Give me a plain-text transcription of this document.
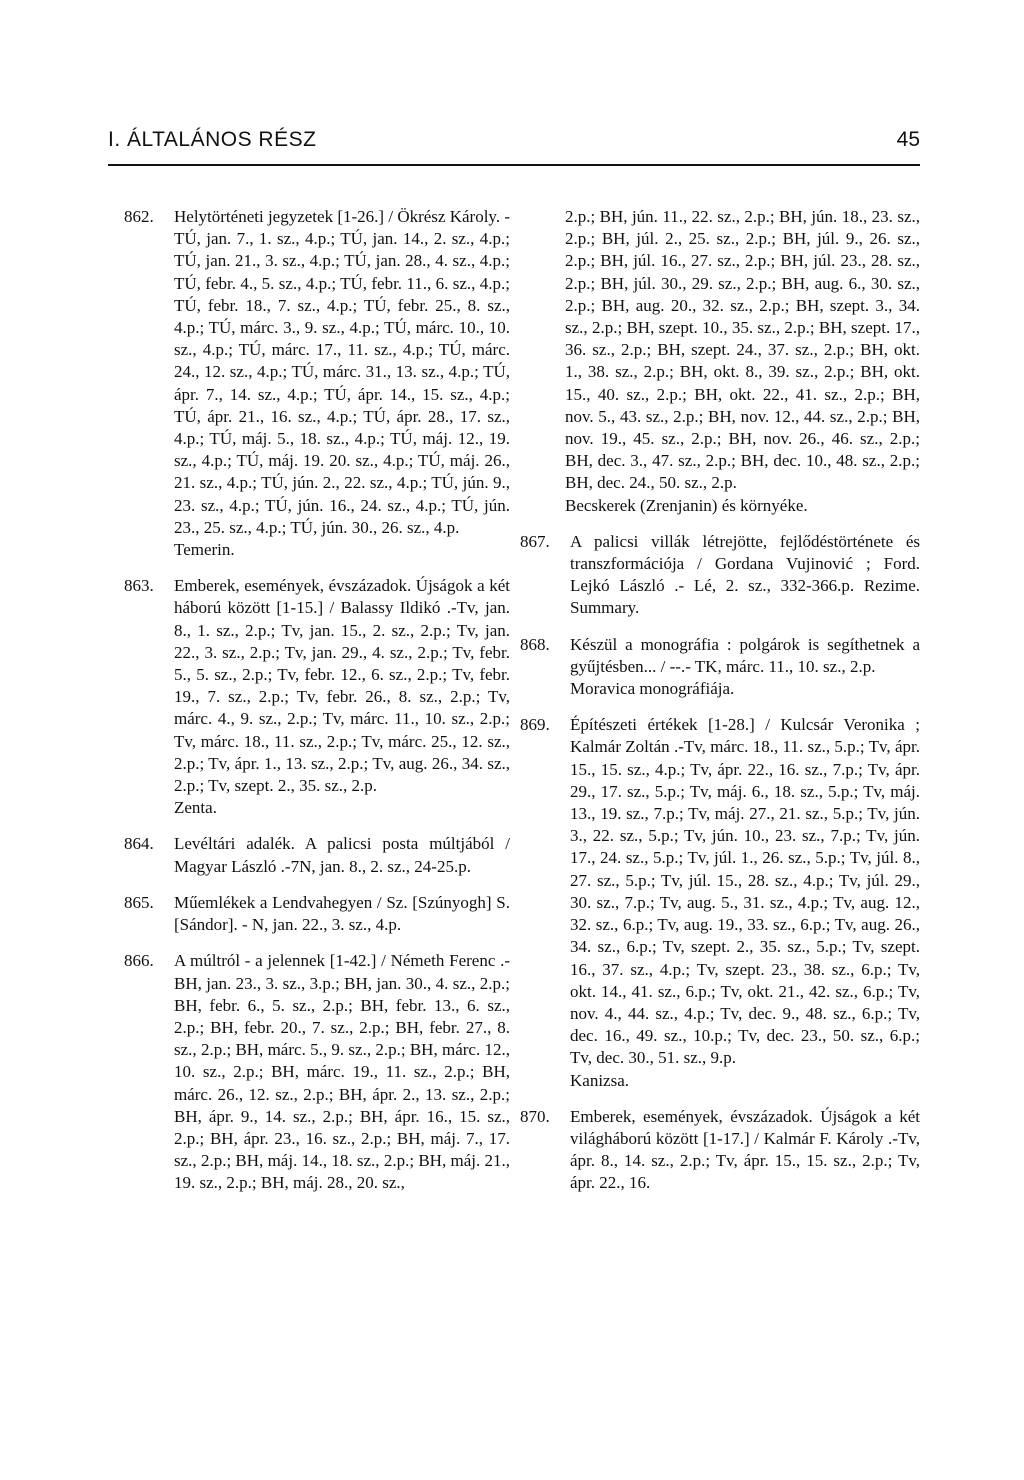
I. ÁLTALÁNOS RÉSZ	45
862. Helytörténeti jegyzetek [1-26.] / Ökrész Károly. - TÚ, jan. 7., 1. sz., 4.p.; TÚ, jan. 14., 2. sz., 4.p.; TÚ, jan. 21., 3. sz., 4.p.; TÚ, jan. 28., 4. sz., 4.p.; TÚ, febr. 4., 5. sz., 4.p.; TÚ, febr. 11., 6. sz., 4.p.; TÚ, febr. 18., 7. sz., 4.p.; TÚ, febr. 25., 8. sz., 4.p.; TÚ, márc. 3., 9. sz., 4.p.; TÚ, márc. 10., 10. sz., 4.p.; TÚ, márc. 17., 11. sz., 4.p.; TÚ, márc. 24., 12. sz., 4.p.; TÚ, márc. 31., 13. sz., 4.p.; TÚ, ápr. 7., 14. sz., 4.p.; TÚ, ápr. 14., 15. sz., 4.p.; TÚ, ápr. 21., 16. sz., 4.p.; TÚ, ápr. 28., 17. sz., 4.p.; TÚ, máj. 5., 18. sz., 4.p.; TÚ, máj. 12., 19. sz., 4.p.; TÚ, máj. 19. 20. sz., 4.p.; TÚ, máj. 26., 21. sz., 4.p.; TÚ, jún. 2., 22. sz., 4.p.; TÚ, jún. 9., 23. sz., 4.p.; TÚ, jún. 16., 24. sz., 4.p.; TÚ, jún. 23., 25. sz., 4.p.; TÚ, jún. 30., 26. sz., 4.p.
Temerin.
863. Emberek, események, évszázadok. Újságok a két háború között [1-15.] / Balassy Ildikó .-Tv, jan. 8., 1. sz., 2.p.; Tv, jan. 15., 2. sz., 2.p.; Tv, jan. 22., 3. sz., 2.p.; Tv, jan. 29., 4. sz., 2.p.; Tv, febr. 5., 5. sz., 2.p.; Tv, febr. 12., 6. sz., 2.p.; Tv, febr. 19., 7. sz., 2.p.; Tv, febr. 26., 8. sz., 2.p.; Tv, márc. 4., 9. sz., 2.p.; Tv, márc. 11., 10. sz., 2.p.; Tv, márc. 18., 11. sz., 2.p.; Tv, márc. 25., 12. sz., 2.p.; Tv, ápr. 1., 13. sz., 2.p.; Tv, aug. 26., 34. sz., 2.p.; Tv, szept. 2., 35. sz., 2.p.
Zenta.
864. Levéltári adalék. A palicsi posta múltjából / Magyar László .-7N, jan. 8., 2. sz., 24-25.p.
865. Műemlékek a Lendvahegyen / Sz. [Szúnyogh] S. [Sándor]. - N, jan. 22., 3. sz., 4.p.
866. A múltról - a jelennek [1-42.] / Németh Ferenc .-BH, jan. 23., 3. sz., 3.p.; BH, jan. 30., 4. sz., 2.p.; BH, febr. 6., 5. sz., 2.p.; BH, febr. 13., 6. sz., 2.p.; BH, febr. 20., 7. sz., 2.p.; BH, febr. 27., 8. sz., 2.p.; BH, márc. 5., 9. sz., 2.p.; BH, márc. 12., 10. sz., 2.p.; BH, márc. 19., 11. sz., 2.p.; BH, márc. 26., 12. sz., 2.p.; BH, ápr. 2., 13. sz., 2.p.; BH, ápr. 9., 14. sz., 2.p.; BH, ápr. 16., 15. sz., 2.p.; BH, ápr. 23., 16. sz., 2.p.; BH, máj. 7., 17. sz., 2.p.; BH, máj. 14., 18. sz., 2.p.; BH, máj. 21., 19. sz., 2.p.; BH, máj. 28., 20. sz.,
2.p.; BH, jún. 11., 22. sz., 2.p.; BH, jún. 18., 23. sz., 2.p.; BH, júl. 2., 25. sz., 2.p.; BH, júl. 9., 26. sz., 2.p.; BH, júl. 16., 27. sz., 2.p.; BH, júl. 23., 28. sz., 2.p.; BH, júl. 30., 29. sz., 2.p.; BH, aug. 6., 30. sz., 2.p.; BH, aug. 20., 32. sz., 2.p.; BH, szept. 3., 34. sz., 2.p.; BH, szept. 10., 35. sz., 2.p.; BH, szept. 17., 36. sz., 2.p.; BH, szept. 24., 37. sz., 2.p.; BH, okt. 1., 38. sz., 2.p.; BH, okt. 8., 39. sz., 2.p.; BH, okt. 15., 40. sz., 2.p.; BH, okt. 22., 41. sz., 2.p.; BH, nov. 5., 43. sz., 2.p.; BH, nov. 12., 44. sz., 2.p.; BH, nov. 19., 45. sz., 2.p.; BH, nov. 26., 46. sz., 2.p.; BH, dec. 3., 47. sz., 2.p.; BH, dec. 10., 48. sz., 2.p.; BH, dec. 24., 50. sz., 2.p.
Becskerek (Zrenjanin) és környéke.
867. A palicsi villák létrejötte, fejlődéstörténete és transzformációja / Gordana Vujinović ; Ford. Lejkó László .- Lé, 2. sz., 332-366.p. Rezime. Summary.
868. Készül a monográfia : polgárok is segíthetnek a gyűjtésben... / --.- TK, márc. 11., 10. sz., 2.p.
Moravica monográfiája.
869. Építészeti értékek [1-28.] / Kulcsár Veronika ; Kalmár Zoltán .-Tv, márc. 18., 11. sz., 5.p.; Tv, ápr. 15., 15. sz., 4.p.; Tv, ápr. 22., 16. sz., 7.p.; Tv, ápr. 29., 17. sz., 5.p.; Tv, máj. 6., 18. sz., 5.p.; Tv, máj. 13., 19. sz., 7.p.; Tv, máj. 27., 21. sz., 5.p.; Tv, jún. 3., 22. sz., 5.p.; Tv, jún. 10., 23. sz., 7.p.; Tv, jún. 17., 24. sz., 5.p.; Tv, júl. 1., 26. sz., 5.p.; Tv, júl. 8., 27. sz., 5.p.; Tv, júl. 15., 28. sz., 4.p.; Tv, júl. 29., 30. sz., 7.p.; Tv, aug. 5., 31. sz., 4.p.; Tv, aug. 12., 32. sz., 6.p.; Tv, aug. 19., 33. sz., 6.p.; Tv, aug. 26., 34. sz., 6.p.; Tv, szept. 2., 35. sz., 5.p.; Tv, szept. 16., 37. sz., 4.p.; Tv, szept. 23., 38. sz., 6.p.; Tv, okt. 14., 41. sz., 6.p.; Tv, okt. 21., 42. sz., 6.p.; Tv, nov. 4., 44. sz., 4.p.; Tv, dec. 9., 48. sz., 6.p.; Tv, dec. 16., 49. sz., 10.p.; Tv, dec. 23., 50. sz., 6.p.; Tv, dec. 30., 51. sz., 9.p.
Kanizsa.
870. Emberek, események, évszázadok. Újságok a két világháború között [1-17.] / Kalmár F. Károly .-Tv, ápr. 8., 14. sz., 2.p.; Tv, ápr. 15., 15. sz., 2.p.; Tv, ápr. 22., 16.
